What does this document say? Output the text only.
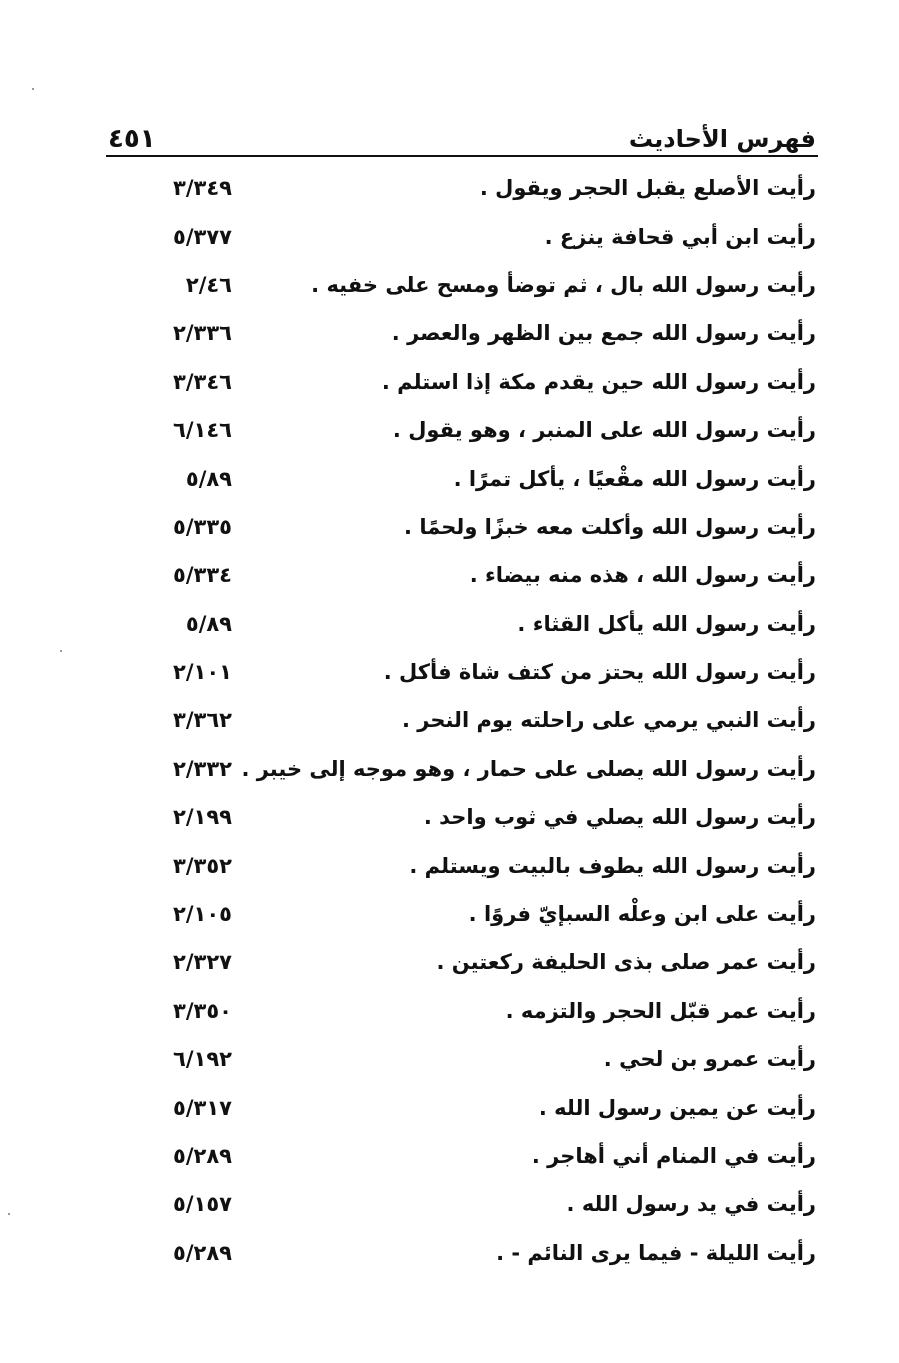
٤٥١	فهرس الأحاديث
٣/٣٤٩	رأيت الأصلع يقبل الحجر ويقول .
٥/٣٧٧	رأيت ابن أبي قحافة ينزع .
٢/٤٦	رأيت رسول الله بال ، ثم توضأ ومسح على خفيه .
٢/٣٣٦	رأيت رسول الله جمع بين الظهر والعصر .
٣/٣٤٦	رأيت رسول الله حين يقدم مكة إذا استلم .
٦/١٤٦	رأيت رسول الله على المنبر ، وهو يقول .
٥/٨٩	رأيت رسول الله مقْعيًا ، يأكل تمرًا .
٥/٣٣٥	رأيت رسول الله وأكلت معه خبزًا ولحمًا .
٥/٣٣٤	رأيت رسول الله ، هذه منه بيضاء .
٥/٨٩	رأيت رسول الله يأكل القثاء .
٢/١٠١	رأيت رسول الله يحتز من كتف شاة فأكل .
٣/٣٦٢	رأيت النبي يرمي على راحلته يوم النحر .
٢/٣٣٢ رأيت رسول الله يصلى على حمار ، وهو موجه إلى خيبر .
٢/١٩٩	رأيت رسول الله يصلي في ثوب واحد .
٣/٣٥٢	رأيت رسول الله يطوف بالبيت ويستلم .
٢/١٠٥	رأيت على ابن وعلْه السبإيّ فروًا .
٢/٣٢٧	رأيت عمر صلى بذى الحليفة ركعتين .
٣/٣٥٠	رأيت عمر قبّل الحجر والتزمه .
٦/١٩٢	رأيت عمرو بن لحي .
٥/٣١٧	رأيت عن يمين رسول الله .
٥/٢٨٩	رأيت في المنام أني أهاجر .
٥/١٥٧	رأيت في يد رسول الله .
٥/٢٨٩	رأيت الليلة - فيما يرى النائم - .
